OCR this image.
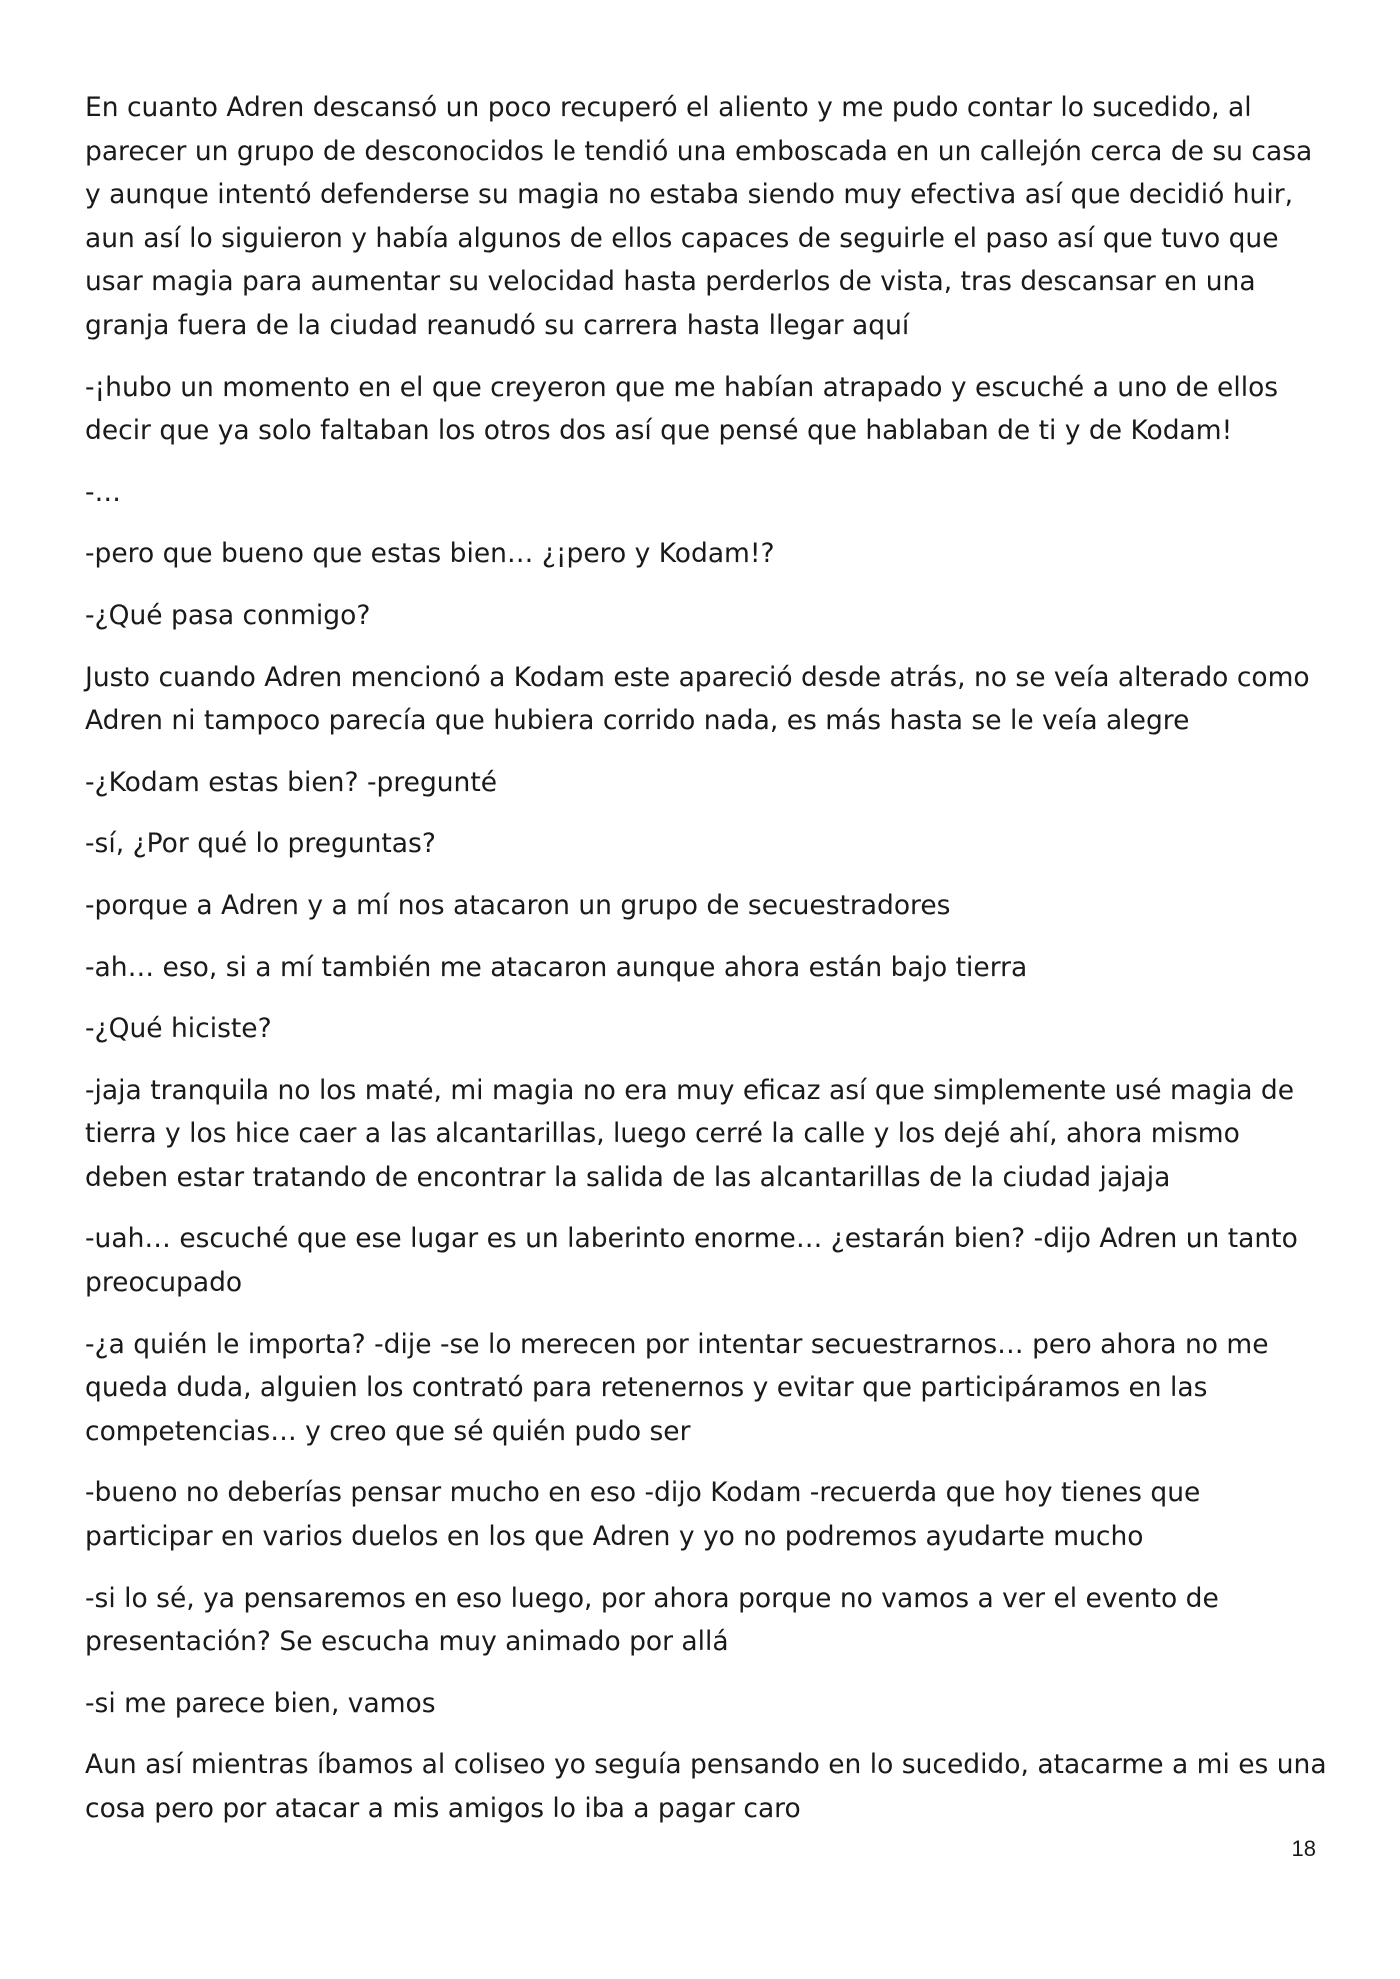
En cuanto Adren descansó un poco recuperó el aliento y me pudo contar lo sucedido, al parecer un grupo de desconocidos le tendió una emboscada en un callejón cerca de su casa y aunque intentó defenderse su magia no estaba siendo muy efectiva así que decidió huir, aun así lo siguieron y había algunos de ellos capaces de seguirle el paso así que tuvo que usar magia para aumentar su velocidad hasta perderlos de vista, tras descansar en una granja fuera de la ciudad reanudó su carrera hasta llegar aquí

-¡hubo un momento en el que creyeron que me habían atrapado y escuché a uno de ellos decir que ya solo faltaban los otros dos así que pensé que hablaban de ti y de Kodam!

-…

-pero que bueno que estas bien… ¿¡pero y Kodam!?

-¿Qué pasa conmigo?

Justo cuando Adren mencionó a Kodam este apareció desde atrás, no se veía alterado como Adren ni tampoco parecía que hubiera corrido nada, es más hasta se le veía alegre

-¿Kodam estas bien? -pregunté

-sí, ¿Por qué lo preguntas?

-porque a Adren y a mí nos atacaron un grupo de secuestradores

-ah… eso, si a mí también me atacaron aunque ahora están bajo tierra

-¿Qué hiciste?

-jaja tranquila no los maté, mi magia no era muy eficaz así que simplemente usé magia de tierra y los hice caer a las alcantarillas, luego cerré la calle y los dejé ahí, ahora mismo deben estar tratando de encontrar la salida de las alcantarillas de la ciudad jajaja

-uah… escuché que ese lugar es un laberinto enorme… ¿estarán bien? -dijo Adren un tanto preocupado

-¿a quién le importa? -dije -se lo merecen por intentar secuestrarnos… pero ahora no me queda duda, alguien los contrató para retenernos y evitar que participáramos en las competencias… y creo que sé quién pudo ser

-bueno no deberías pensar mucho en eso -dijo Kodam -recuerda que hoy tienes que participar en varios duelos en los que Adren y yo no podremos ayudarte mucho

-si lo sé, ya pensaremos en eso luego, por ahora porque no vamos a ver el evento de presentación? Se escucha muy animado por allá

-si me parece bien, vamos

Aun así mientras íbamos al coliseo yo seguía pensando en lo sucedido, atacarme a mi es una cosa pero por atacar a mis amigos lo iba a pagar caro

18
